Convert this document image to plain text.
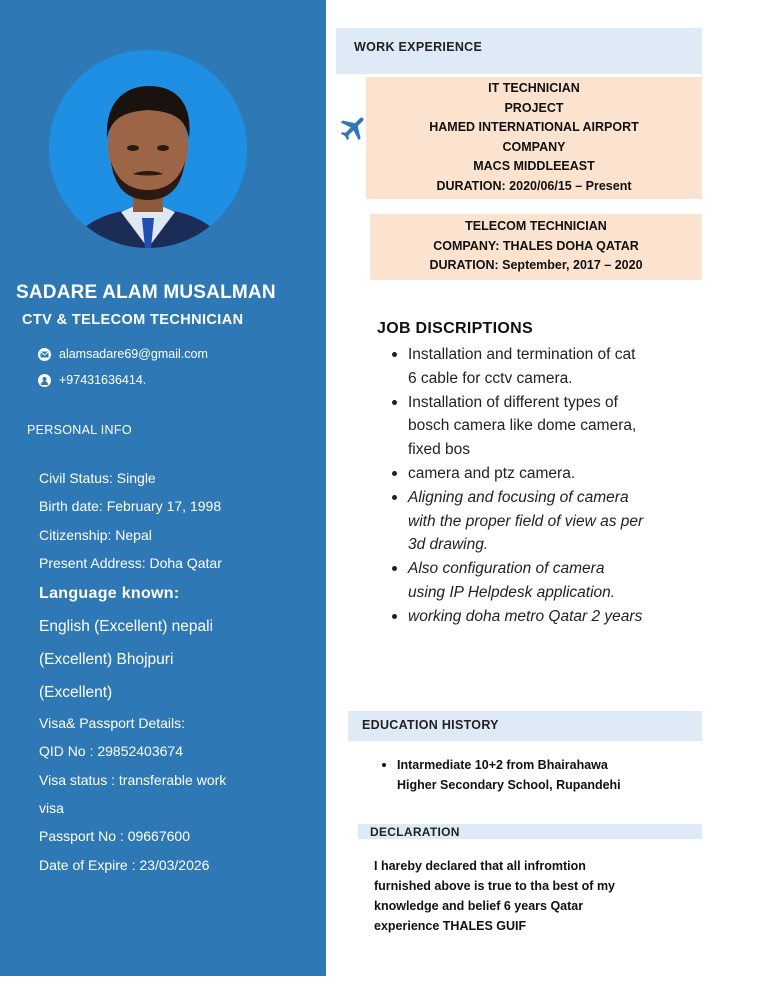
SADARE ALAM MUSALMAN
CTV & TELECOM TECHNICIAN
alamsadare69@gmail.com
+97431636414.
PERSONAL INFO
Civil Status: Single
Birth date: February 17, 1998
Citizenship: Nepal
Present Address: Doha Qatar
Language known:
English (Excellent) nepali
(Excellent) Bhojpuri
(Excellent)
Visa& Passport Details:
QID No : 29852403674
Visa status : transferable work
visa
Passport No : 09667600
Date of Expire : 23/03/2026
WORK EXPERIENCE
IT TECHNICIAN
PROJECT
HAMED INTERNATIONAL AIRPORT
COMPANY
MACS MIDDLEEAST
DURATION: 2020/06/15 – Present
TELECOM TECHNICIAN
COMPANY: THALES DOHA QATAR
DURATION: September, 2017 – 2020
JOB DISCRIPTIONS
Installation and termination of cat 6 cable for cctv camera.
Installation of different types of bosch camera like dome camera, fixed bos
camera and ptz camera.
Aligning and focusing of camera with the proper field of view as per 3d drawing.
Also configuration of camera using IP Helpdesk application.
working doha metro Qatar 2 years
EDUCATION HISTORY
Intarmediate 10+2 from Bhairahawa Higher Secondary School, Rupandehi
DECLARATION
I hareby declared that all infromtion furnished above is true to tha best of my knowledge and belief 6 years Qatar experience THALES GUIF
